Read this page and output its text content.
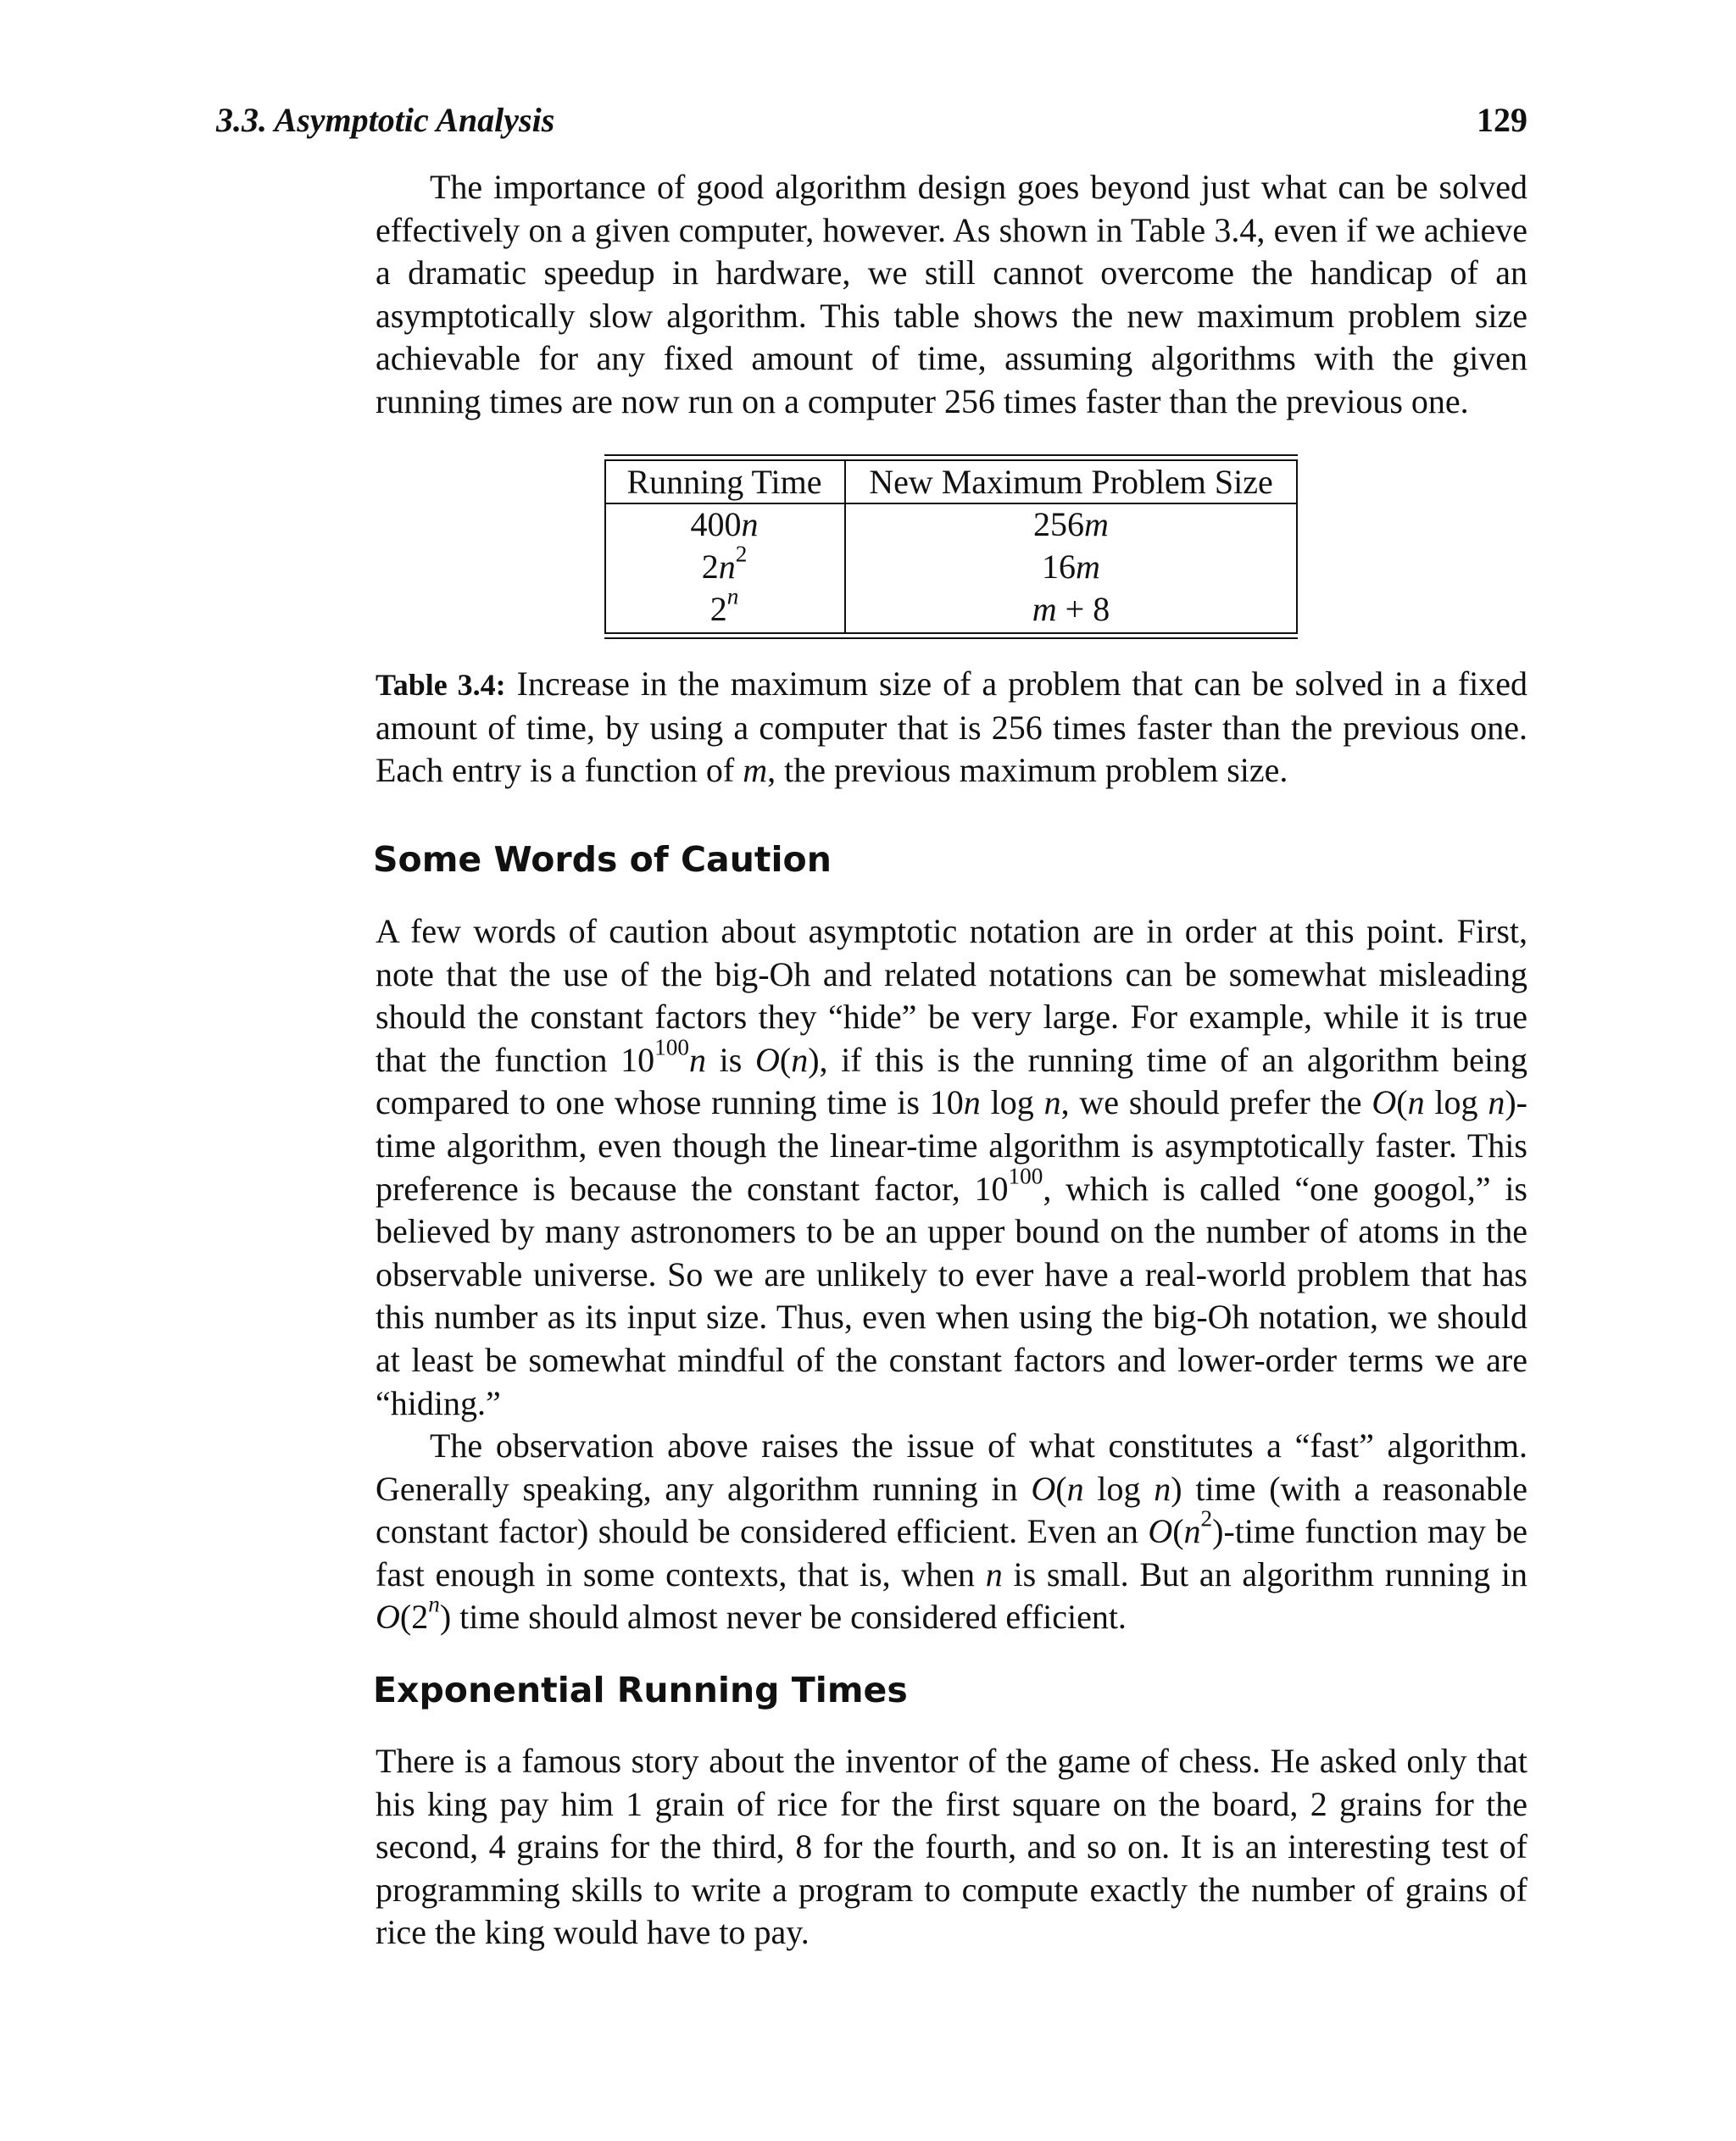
3.3. Asymptotic Analysis	129

The importance of good algorithm design goes beyond just what can be solved effectively on a given computer, however. As shown in Table 3.4, even if we achieve a dramatic speedup in hardware, we still cannot overcome the handicap of an asymptotically slow algorithm. This table shows the new maximum problem size achievable for any fixed amount of time, assuming algorithms with the given running times are now run on a computer 256 times faster than the previous one.

Running Time	New Maximum Problem Size
400n	256m
$2n^2$	16m
2$^n$	m + 8

Table 3.4: Increase in the maximum size of a problem that can be solved in a fixed amount of time, by using a computer that is 256 times faster than the previous one. Each entry is a function of m, the previous maximum problem size.

Some Words of Caution

A few words of caution about asymptotic notation are in order at this point. First, note that the use of the big-Oh and related notations can be somewhat misleading should the constant factors they “hide” be very large. For example, while it is true that the function $10^{100}n$ is O(n), if this is the running time of an algorithm being compared to one whose running time is 10n log n, we should prefer the O(n log n)-time algorithm, even though the linear-time algorithm is asymptotically faster. This preference is because the constant factor, $10^{100}$, which is called “one googol,” is believed by many astronomers to be an upper bound on the number of atoms in the observable universe. So we are unlikely to ever have a real-world problem that has this number as its input size. Thus, even when using the big-Oh notation, we should at least be somewhat mindful of the constant factors and lower-order terms we are “hiding.”

The observation above raises the issue of what constitutes a “fast” algorithm. Generally speaking, any algorithm running in O(n log n) time (with a reasonable constant factor) should be considered efficient. Even an $O(n^2)$-time function may be fast enough in some contexts, that is, when n is small. But an algorithm running in O(2$^n$) time should almost never be considered efficient.

Exponential Running Times

There is a famous story about the inventor of the game of chess. He asked only that his king pay him 1 grain of rice for the first square on the board, 2 grains for the second, 4 grains for the third, 8 for the fourth, and so on. It is an interesting test of programming skills to write a program to compute exactly the number of grains of rice the king would have to pay.
